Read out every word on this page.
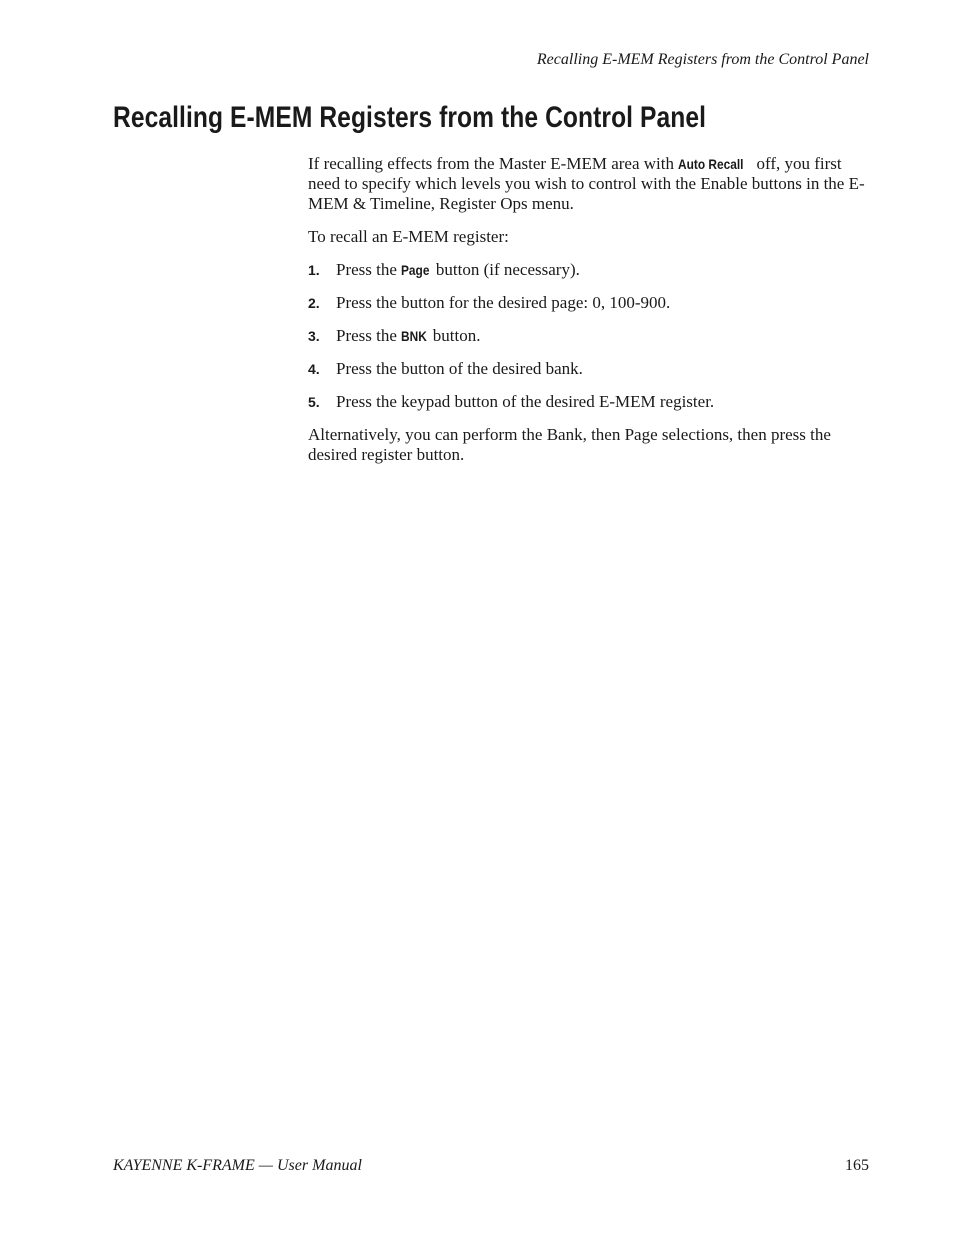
Recalling E-MEM Registers from the Control Panel
Recalling E-MEM Registers from the Control Panel

If recalling effects from the Master E-MEM area with Auto Recall off, you first need to specify which levels you wish to control with the Enable buttons in the E-MEM & Timeline, Register Ops menu.

To recall an E-MEM register:

1. Press the Page button (if necessary).
2. Press the button for the desired page: 0, 100-900.
3. Press the BNK button.
4. Press the button of the desired bank.
5. Press the keypad button of the desired E-MEM register.

Alternatively, you can perform the Bank, then Page selections, then press the desired register button.

KAYENNE K-FRAME — User Manual	165
